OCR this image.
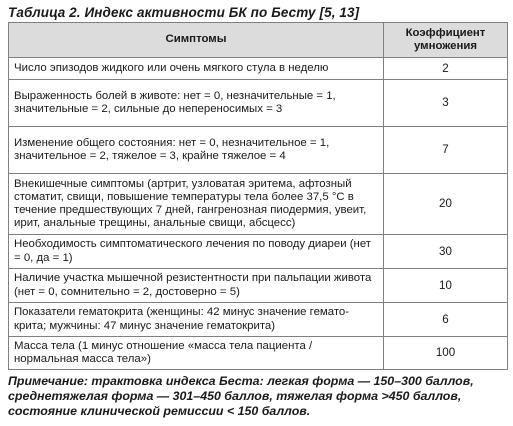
Таблица 2. Индекс активности БК по Бесту [5, 13]
Симптомы	Коэффициент умножения
Число эпизодов жидкого или очень мягкого стула в неделю	2
Выраженность болей в животе: нет = 0, незначительные = 1, значительные = 2, сильные до непереносимых = 3	3
Изменение общего состояния: нет = 0, незначительное = 1, значительное = 2, тяжелое = 3, крайне тяжелое = 4	7
Внекишечные симптомы (артрит, узловатая эритема, афтозный стоматит, свищи, повышение температуры тела более 37,5 °С в течение предшествующих 7 дней, гангренозная пиодермия, увеит, ирит, анальные трещины, анальные свищи, абсцесс)	20
Необходимость симптоматического лечения по поводу диареи (нет = 0, да = 1)	30
Наличие участка мышечной резистентности при пальпации живота (нет = 0, сомнительно = 2, достоверно = 5)	10
Показатели гематокрита (женщины: 42 минус значение гемато-крита; мужчины: 47 минус значение гематокрита)	6
Масса тела (1 минус отношение «масса тела пациента / нормальная масса тела»)	100

Примечание: трактовка индекса Беста: легкая форма — 150–300 баллов, среднетяжелая форма — 301–450 баллов, тяжелая форма >450 баллов, состояние клинической ремиссии < 150 баллов.
